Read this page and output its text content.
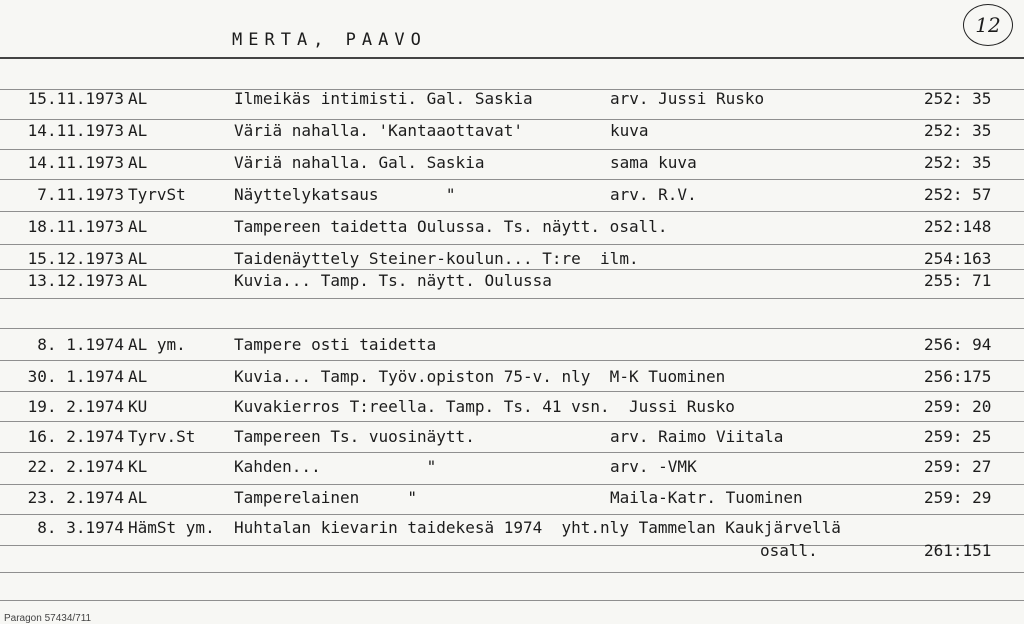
MERTA, PAAVO
12
15.11.1973 AL	Ilmeikäs intimisti. Gal. Saskia	arv. Jussi Rusko	252: 35
14.11.1973 AL	Väriä nahalla. 'Kantaaottavat'	kuva	252: 35
14.11.1973 AL	Väriä nahalla. Gal. Saskia	sama kuva	252: 35
7.11.1973 TyrvSt	Näyttelykatsaus       "	arv. R.V.	252: 57
18.11.1973 AL	Tampereen taidetta Oulussa. Ts. näytt. osall.	252:148
15.12.1973 AL	Taidenäyttely Steiner-koulun... T:re  ilm.	254:163
13.12.1973 AL	Kuvia... Tamp. Ts. näytt. Oulussa	255: 71
8. 1.1974 AL ym.	Tampere osti taidetta	256: 94
30. 1.1974 AL	Kuvia... Tamp. Työv.opiston 75-v. nly  M-K Tuominen	256:175
19. 2.1974 KU	Kuvakierros T:reella. Tamp. Ts. 41 vsn.  Jussi Rusko	259: 20
16. 2.1974 Tyrv.St Tampereen Ts. vuosinäytt.	arv. Raimo Viitala	259: 25
22. 2.1974 KL	Kahden...           "	arv. -VMK	259: 27
23. 2.1974 AL	Tamperelainen     "	Maila-Katr. Tuominen	259: 29
8. 3.1974 HämSt ym. Huhtalan kievarin taidekesä 1974  yht.nly Tammelan Kaukjärvellä
osall.	261:151
Paragon 57434/711
